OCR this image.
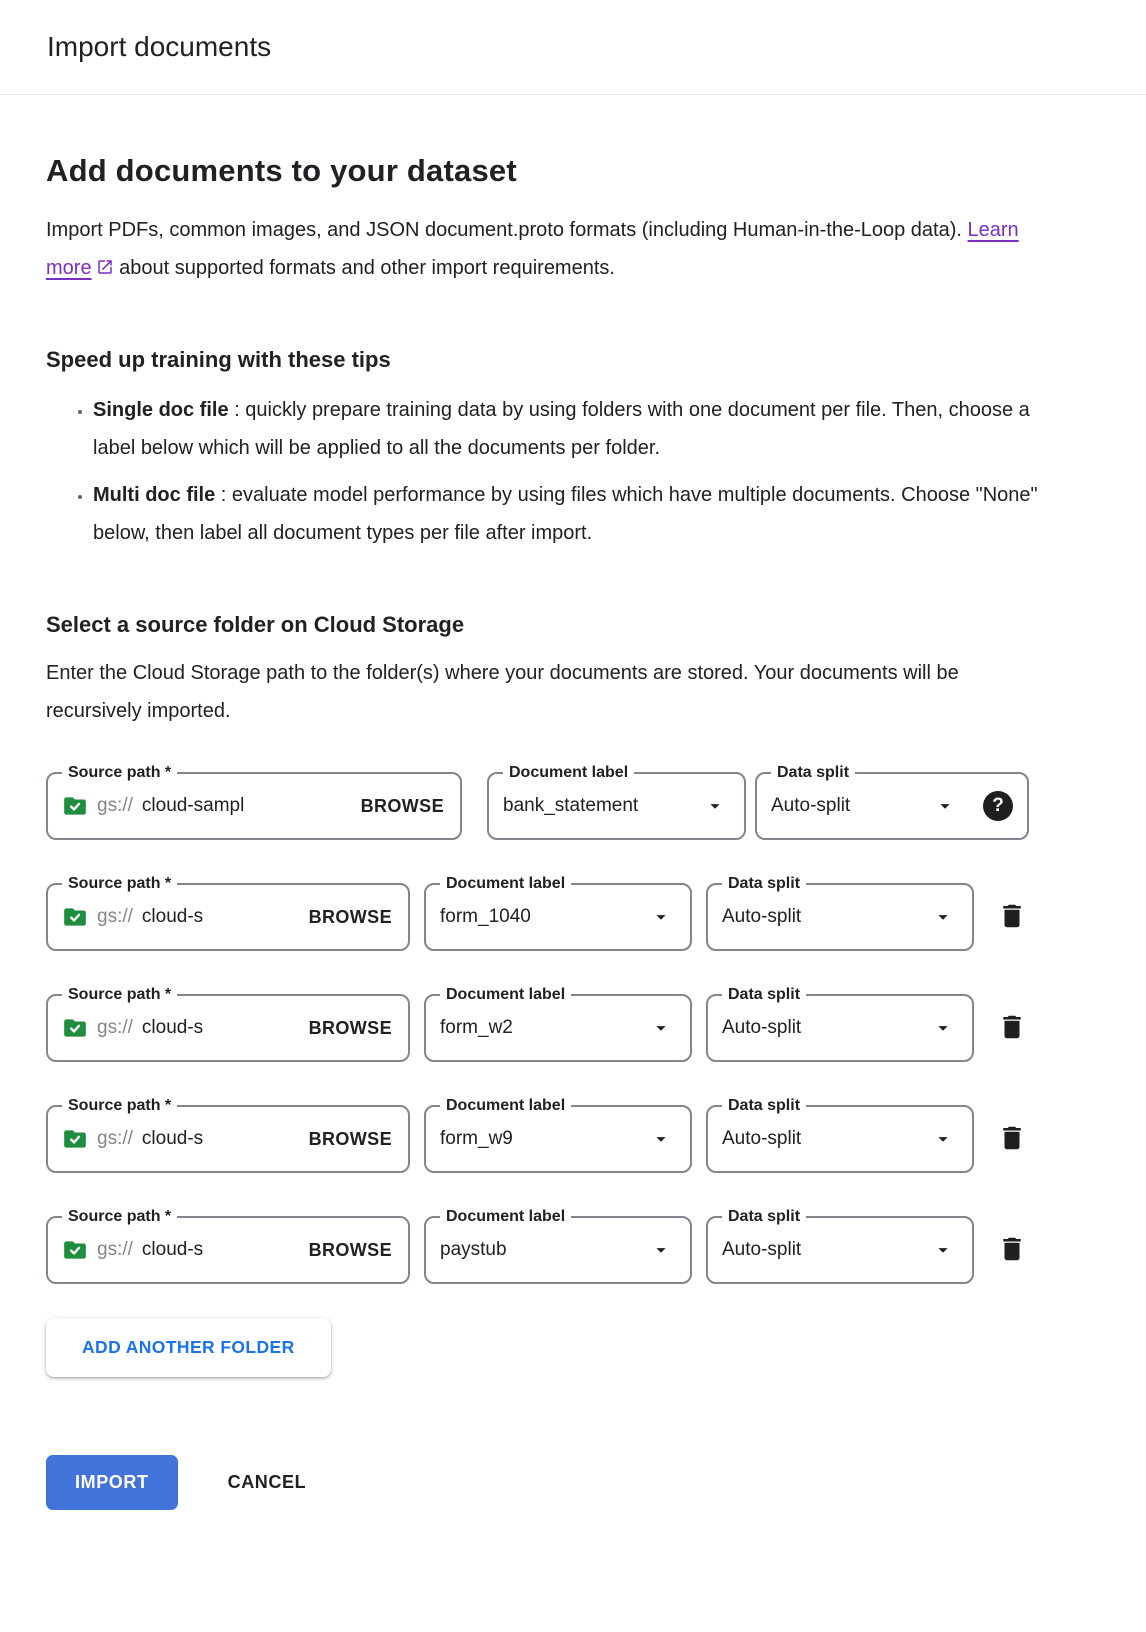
Import documents
Add documents to your dataset

Import PDFs, common images, and JSON document.proto formats (including Human-in-the-Loop data). Learn more
about supported formats and other import requirements.

Speed up training with these tips
• Single doc file : quickly prepare training data by using folders with one document per file. Then, choose a label below which will be applied to all the documents per folder.
• Multi doc file : evaluate model performance by using files which have multiple documents. Choose "None" below, then label all document types per file after import.
Select a source folder on Cloud Storage

Enter the Cloud Storage path to the folder(s) where your documents are stored. Your documents will be recursively imported.

Source path *
gs:// cloud-sampl	BROWSE
Document label
bank_statement
Data split
Auto-split	?
Source path *
gs:// cloud-s	BROWSE
Document label
form_1040
Data split
Auto-split
Source path *
gs:// cloud-s	BROWSE
Document label
form_w2
Data split
Auto-split
Source path *
gs:// cloud-s	BROWSE
Document label
form_w9
Data split
Auto-split
Source path *
gs:// cloud-s	BROWSE
Document label
paystub
Data split
Auto-split
ADD ANOTHER FOLDER
IMPORT	CANCEL
